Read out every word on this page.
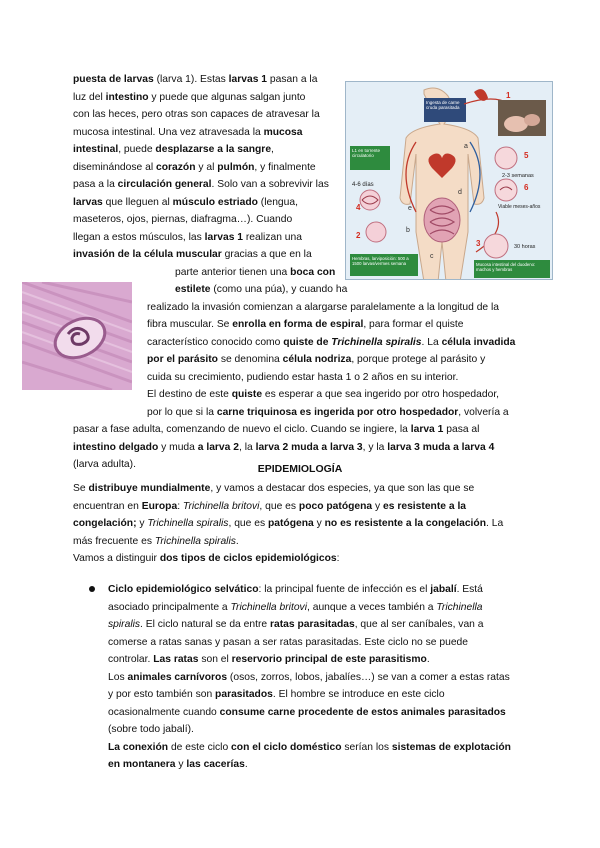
puesta de larvas (larva 1). Estas larvas 1 pasan a la
luz del intestino y puede que algunas salgan junto
con las heces, pero otras son capaces de atravesar la
mucosa intestinal. Una vez atravesada la mucosa
intestinal, puede desplazarse a la sangre,
diseminándose al corazón y al pulmón, y finalmente
pasa a la circulación general. Solo van a sobrevivir las
larvas que lleguen al músculo estriado (lengua,
maseteros, ojos, piernas, diafragma…). Cuando
llegan a estos músculos, las larvas 1 realizan una
invasión de la célula muscular gracias a que en la
parte anterior tienen una boca con
estilete (como una púa), y cuando ha
realizado la invasión comienzan a alargarse paralelamente a la longitud de la
fibra muscular. Se enrolla en forma de espiral, para formar el quiste
característico conocido como quiste de Trichinella spiralis. La célula invadida
por el parásito se denomina célula nodriza, porque protege al parásito y
cuida su crecimiento, pudiendo estar hasta 1 o 2 años en su interior.
El destino de este quiste es esperar a que sea ingerido por otro hospedador,
por lo que si la carne triquinosa es ingerida por otro hospedador, volvería a
pasar a fase adulta, comenzando de nuevo el ciclo. Cuando se ingiere, la larva 1 pasa al
intestino delgado y muda a larva 2, la larva 2 muda a larva 3, y la larva 3 muda a larva 4
(larva adulta).
1
2
3
4
5
6
a
b
c
d
e
Ingesta de carne cruda parasitada
L1 en torrente circulatorio
4-6 días
2-3 semanas
Viable meses-años
30 horas
Hembras, larviposición: 500 a 1500 larvas/vermes semana	Mucosa intestinal del duodeno: machos y hembras
EPIDEMIOLOGÍA
Se distribuye mundialmente, y vamos a destacar dos especies, ya que son las que se
encuentran en Europa: Trichinella britovi, que es poco patógena y es resistente a la
congelación; y Trichinella spiralis, que es patógena y no es resistente a la congelación. La
más frecuente es Trichinella spiralis.
Vamos a distinguir dos tipos de ciclos epidemiológicos:
Ciclo epidemiológico selvático: la principal fuente de infección es el jabalí. Está
asociado principalmente a Trichinella britovi, aunque a veces también a Trichinella
spiralis. El ciclo natural se da entre ratas parasitadas, que al ser caníbales, van a
comerse a ratas sanas y pasan a ser ratas parasitadas. Este ciclo no se puede
controlar. Las ratas son el reservorio principal de este parasitismo.
Los animales carnívoros (osos, zorros, lobos, jabalíes…) se van a comer a estas ratas
y por esto también son parasitados. El hombre se introduce en este ciclo
ocasionalmente cuando consume carne procedente de estos animales parasitados
(sobre todo jabalí).
La conexión de este ciclo con el ciclo doméstico serían los sistemas de explotación
en montanera y las cacerías.
